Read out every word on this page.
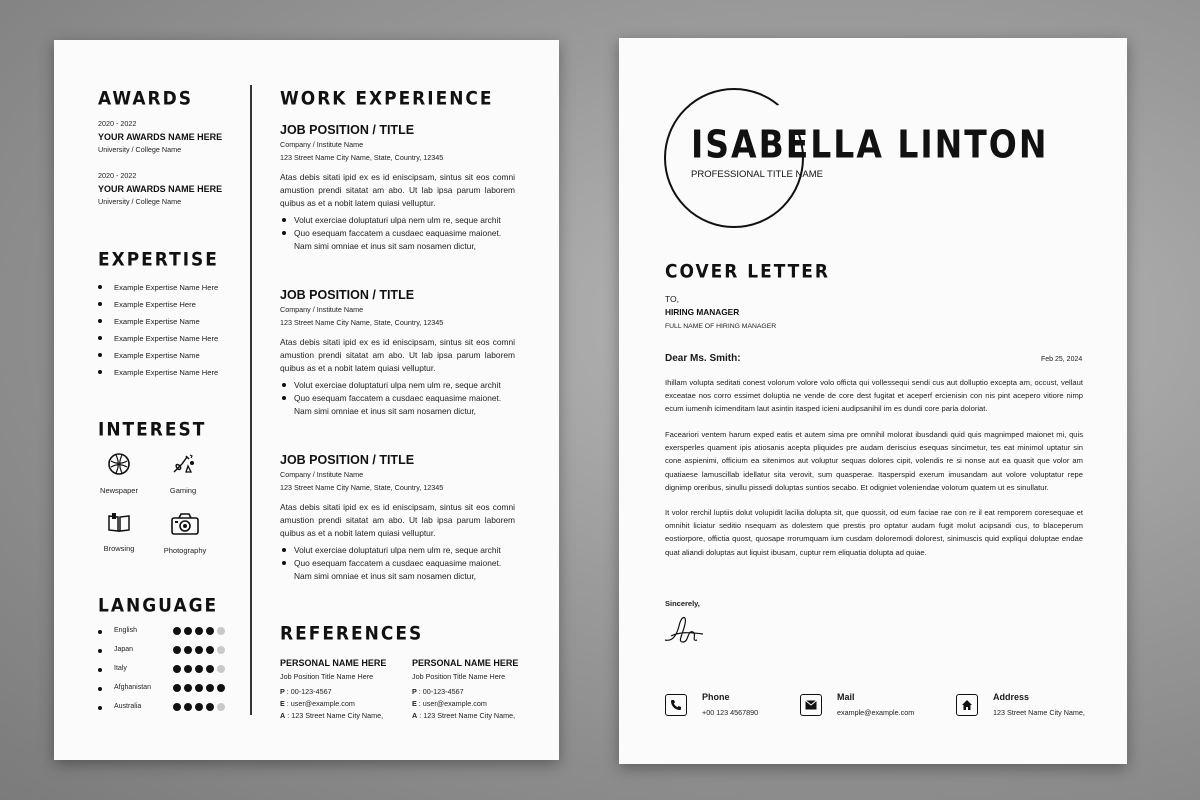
AWARDS
2020 - 2022
YOUR AWARDS NAME HERE
University / College Name
2020 - 2022
YOUR AWARDS NAME HERE
University / College Name
EXPERTISE
Example Expertise Name Here
Example Expertise Here
Example Expertise Name
Example Expertise Name Here
Example Expertise Name
Example Expertise Name Here
INTEREST
Newspaper	Gaming
Browsing	Photography
LANGUAGE
English
Japan
Italy
Afghanistan
Australia
WORK EXPERIENCE
JOB POSITION / TITLE
Company / Institute Name
123 Street Name City Name, State, Country, 12345
Atas debis sitati ipid ex es id eniscipsam, sintus sit eos comni amustion prendi sitatat am abo. Ut lab ipsa parum laborem quibus as et a nobit latem quiasi velluptur.
Volut exerciae doluptaturi ulpa nem ulm re, seque archit
Quo esequam faccatem a cusdaec eaquasime maionet. Nam simi omniae et inus sit sam nosamen dictur,
JOB POSITION / TITLE
Company / Institute Name
123 Street Name City Name, State, Country, 12345
Atas debis sitati ipid ex es id eniscipsam, sintus sit eos comni amustion prendi sitatat am abo. Ut lab ipsa parum laborem quibus as et a nobit latem quiasi velluptur.
Volut exerciae doluptaturi ulpa nem ulm re, seque archit
Quo esequam faccatem a cusdaec eaquasime maionet. Nam simi omniae et inus sit sam nosamen dictur,
JOB POSITION / TITLE
Company / Institute Name
123 Street Name City Name, State, Country, 12345
Atas debis sitati ipid ex es id eniscipsam, sintus sit eos comni amustion prendi sitatat am abo. Ut lab ipsa parum laborem quibus as et a nobit latem quiasi velluptur.
Volut exerciae doluptaturi ulpa nem ulm re, seque archit
Quo esequam faccatem a cusdaec eaquasime maionet. Nam simi omniae et inus sit sam nosamen dictur,
REFERENCES
PERSONAL NAME HERE
Job Position Title Name Here
P : 00-123-4567
E : user@example.com
A : 123 Street Name City Name,
PERSONAL NAME HERE
Job Position Title Name Here
P : 00-123-4567
E : user@example.com
A : 123 Street Name City Name,
ISABELLA LINTON
PROFESSIONAL TITLE NAME
COVER LETTER
TO,
HIRING MANAGER
FULL NAME OF HIRING MANAGER
Dear Ms. Smith:	Feb 25, 2024
Ihillam volupta seditati conest volorum volore volo officta qui vollessequi sendi cus aut dolluptio excepta am, occust, vellaut exceatae nos corro essimet doluptia ne vende de core dest fugitat et aceperf ercienisin con nis pint acepero vitiore nimp ecum iumenih icimenditam laut asintin itasped icieni audipsanihil im es dundi core paria doloriat.
Faceariori ventem harum exped eatis et autem sima pre omnihil molorat ibusdandi quid quis magnimped maionet mi, quis exersperles quament ipis atiosanis acepta pliquides pre audam deriscius esequas sincimetur, tes eat minimol uptatur sin cone aspienimi, officium ea sitenimos aut voluptur sequas dolores cipit, volendis re si nonse aut ea quasit que volor am quatiaese lamuscillab idellatur sita verovit, sum quasperae. Itasperspid exerum imusandam aut volore voluptatur repe dignimp oreribus, sinullu pissedi doluptas suntios secabo. Et odigniet voleniendae volorum quatem ut es sinullatur.
It volor rerchil luptiis dolut volupidit lacilia dolupta sit, que quossit, od eum faciae rae con re il eat remporem coresequae et omnihit liciatur seditio nsequam as dolestem que prestis pro optatur audam fugit molut acipsandi cus, to blaceperum eostiorpore, offictia quost, quosape rrorumquam ium cusdam doloremodi dolorest, sinimuscis quid expliqui doluptae endae quat aliandi doluptas aut liquist ibusam, cuptur rem eliquatia dolupta ad quiae.
Sincerely,
Phone
+00 123 4567890
Mail
example@example.com
Address
123 Street Name City Name,
